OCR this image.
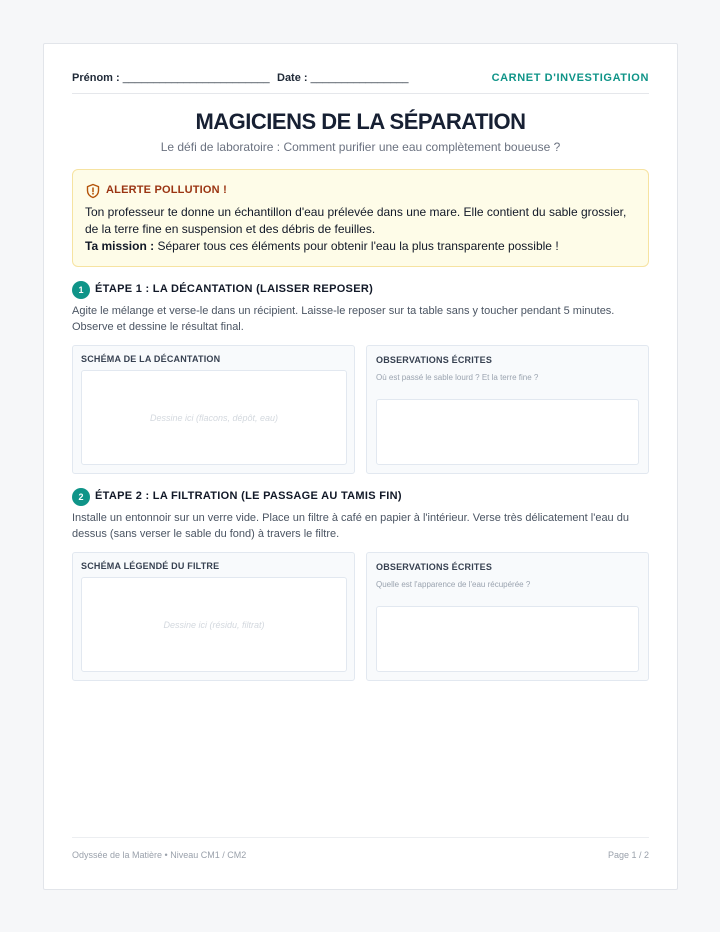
Prénom : ________________________ Date : ________________	CARNET D'INVESTIGATION
MAGICIENS DE LA SÉPARATION
Le défi de laboratoire : Comment purifier une eau complètement boueuse ?
ALERTE POLLUTION !
Ton professeur te donne un échantillon d'eau prélevée dans une mare. Elle contient du sable grossier, de la terre fine en suspension et des débris de feuilles.
Ta mission : Séparer tous ces éléments pour obtenir l'eau la plus transparente possible !
1	ÉTAPE 1 : LA DÉCANTATION (LAISSER REPOSER)
Agite le mélange et verse-le dans un récipient. Laisse-le reposer sur ta table sans y toucher pendant 5 minutes. Observe et dessine le résultat final.
SCHÉMA DE LA DÉCANTATION
Dessine ici (flacons, dépôt, eau)
OBSERVATIONS ÉCRITES
Où est passé le sable lourd ? Et la terre fine ?
2	ÉTAPE 2 : LA FILTRATION (LE PASSAGE AU TAMIS FIN)
Installe un entonnoir sur un verre vide. Place un filtre à café en papier à l'intérieur. Verse très délicatement l'eau du dessus (sans verser le sable du fond) à travers le filtre.
SCHÉMA LÉGENDÉ DU FILTRE
Dessine ici (résidu, filtrat)
OBSERVATIONS ÉCRITES
Quelle est l'apparence de l'eau récupérée ?
Odyssée de la Matière • Niveau CM1 / CM2	Page 1 / 2
